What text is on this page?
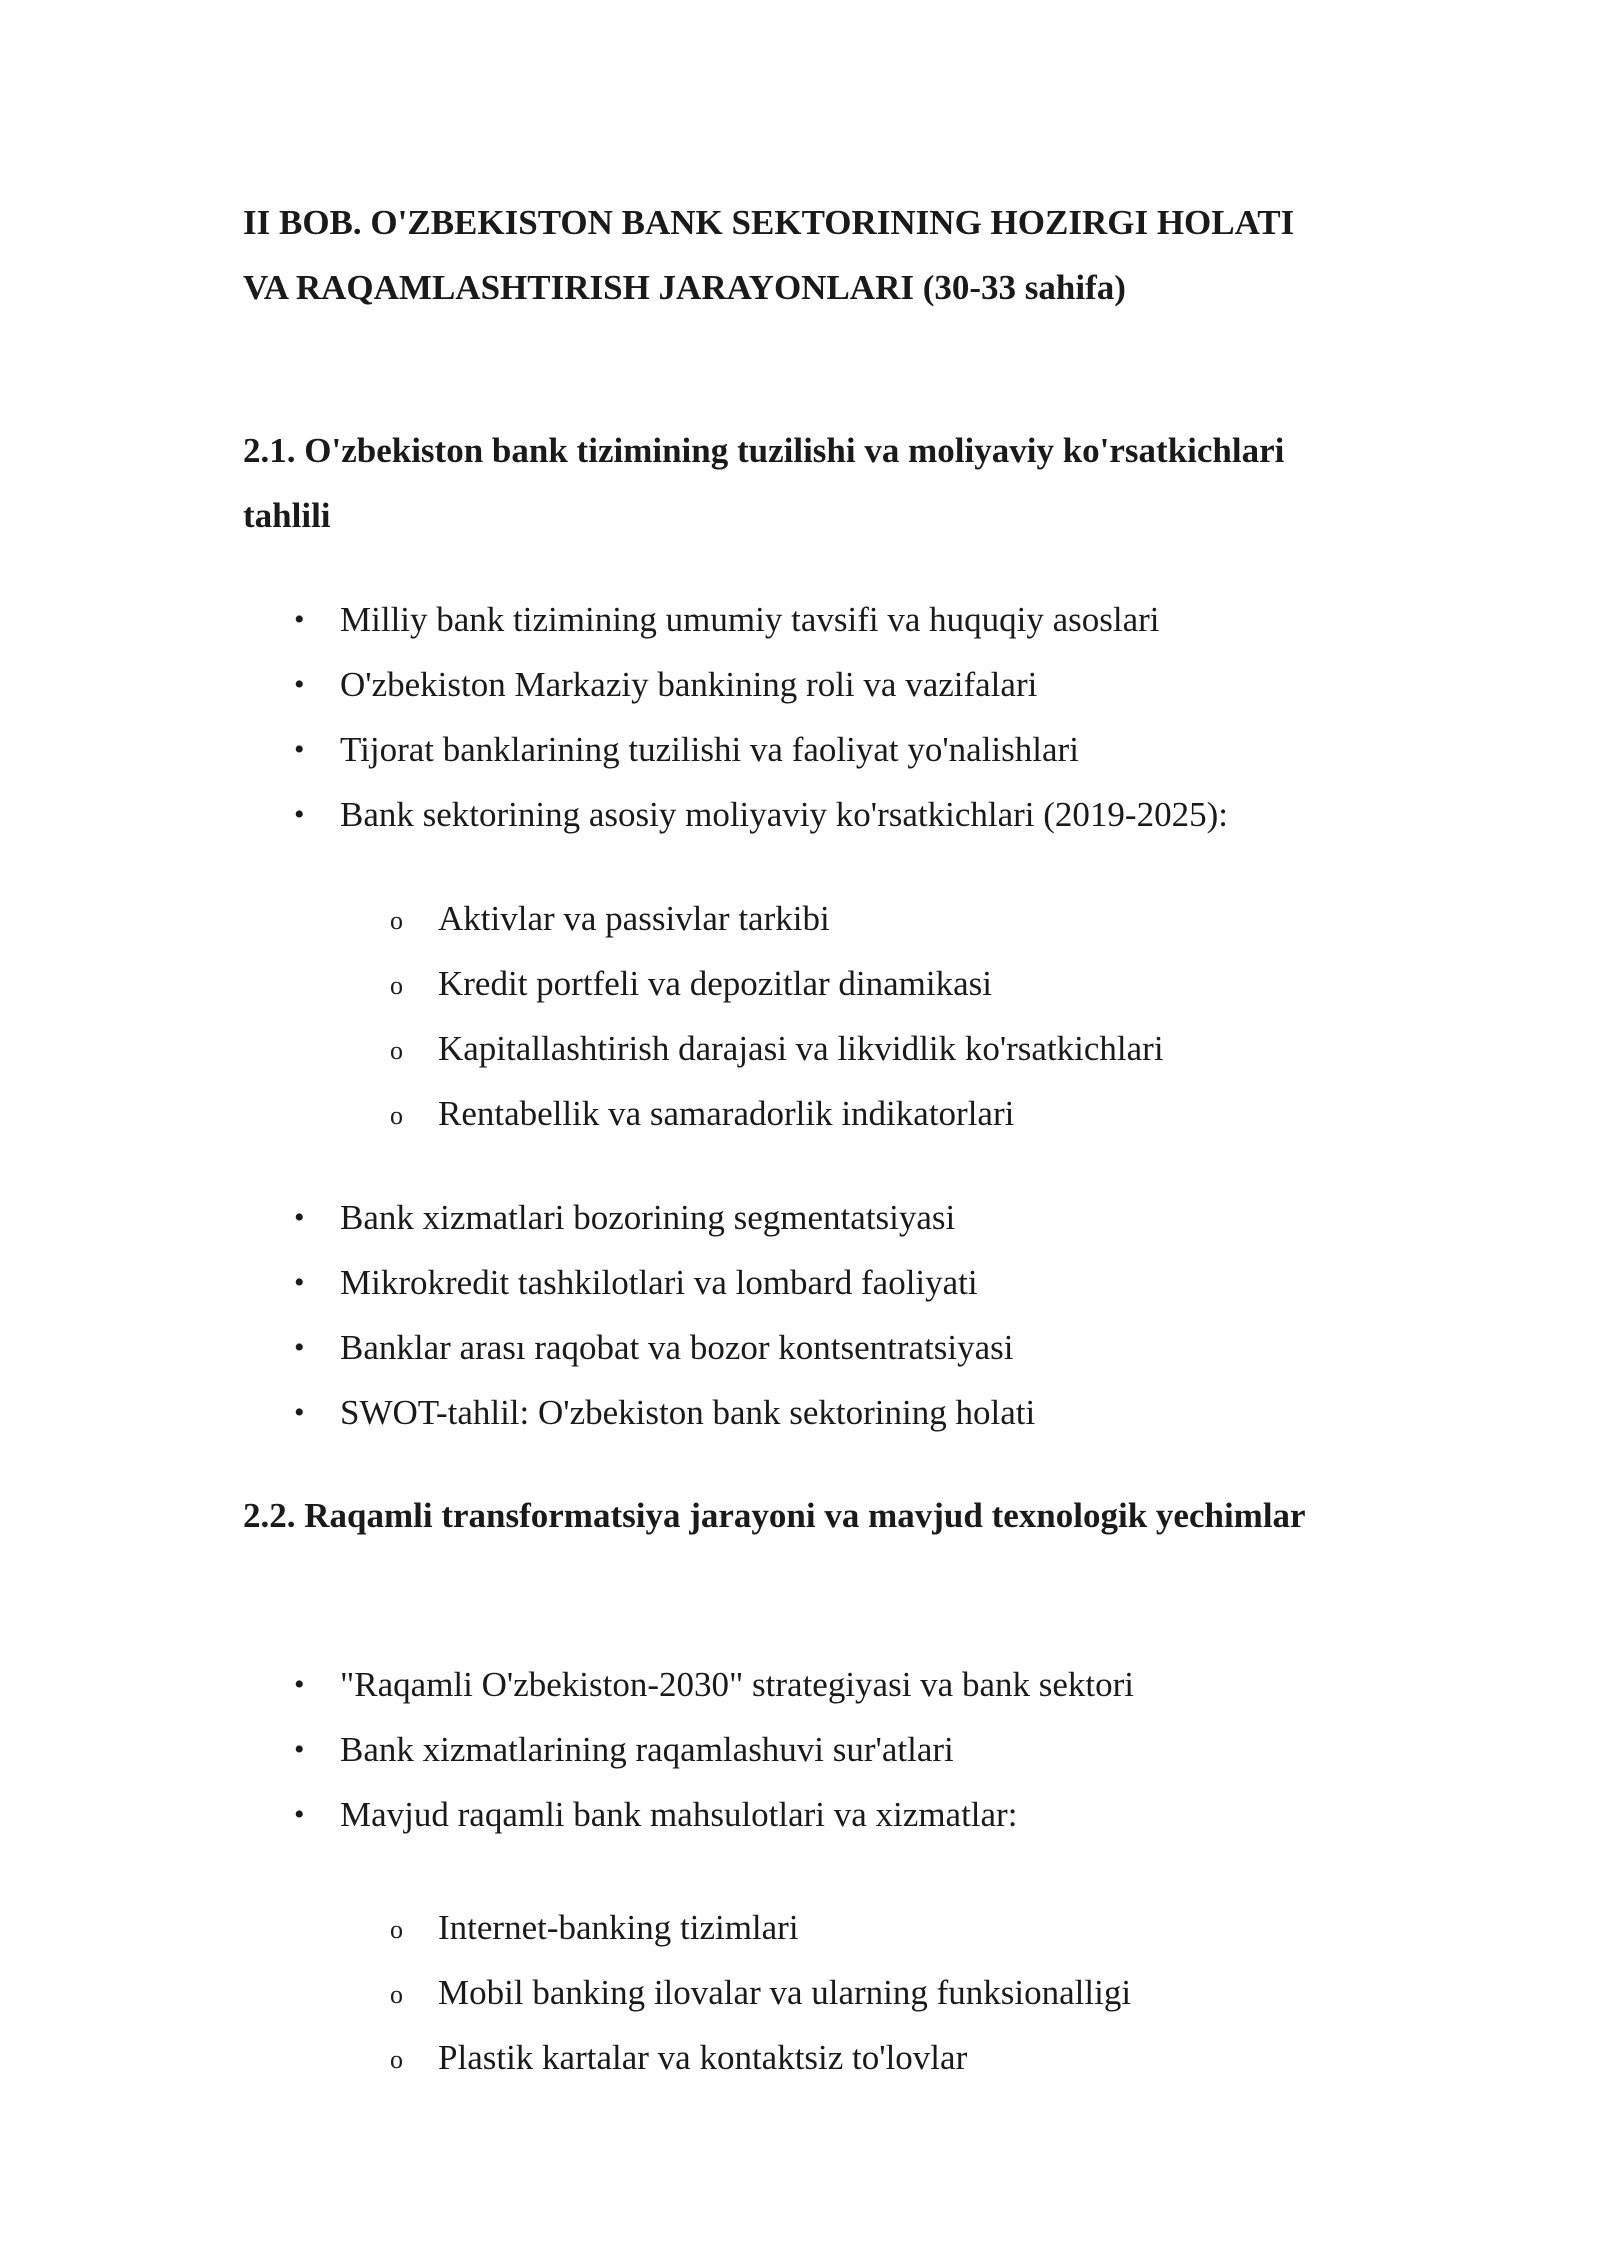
II BOB. O'ZBEKISTON BANK SEKTORINING HOZIRGI HOLATI VA RAQAMLASHTIRISH JARAYONLARI (30-33 sahifa)
2.1. O'zbekiston bank tizimining tuzilishi va moliyaviy ko'rsatkichlari tahlili
• Milliy bank tizimining umumiy tavsifi va huquqiy asoslari
• O'zbekiston Markaziy bankining roli va vazifalari
• Tijorat banklarining tuzilishi va faoliyat yo'nalishlari
• Bank sektorining asosiy moliyaviy ko'rsatkichlari (2019-2025):
o Aktivlar va passivlar tarkibi
o Kredit portfeli va depozitlar dinamikasi
o Kapitallashtirish darajasi va likvidlik ko'rsatkichlari
o Rentabellik va samaradorlik indikatorlari
• Bank xizmatlari bozorining segmentatsiyasi
• Mikrokredit tashkilotlari va lombard faoliyati
• Banklar arası raqobat va bozor kontsentratsiyasi
• SWOT-tahlil: O'zbekiston bank sektorining holati
2.2. Raqamli transformatsiya jarayoni va mavjud texnologik yechimlar
• "Raqamli O'zbekiston-2030" strategiyasi va bank sektori
• Bank xizmatlarining raqamlashuvi sur'atlari
• Mavjud raqamli bank mahsulotlari va xizmatlar:
o Internet-banking tizimlari
o Mobil banking ilovalar va ularning funksionalligi
o Plastik kartalar va kontaktsiz to'lovlar
